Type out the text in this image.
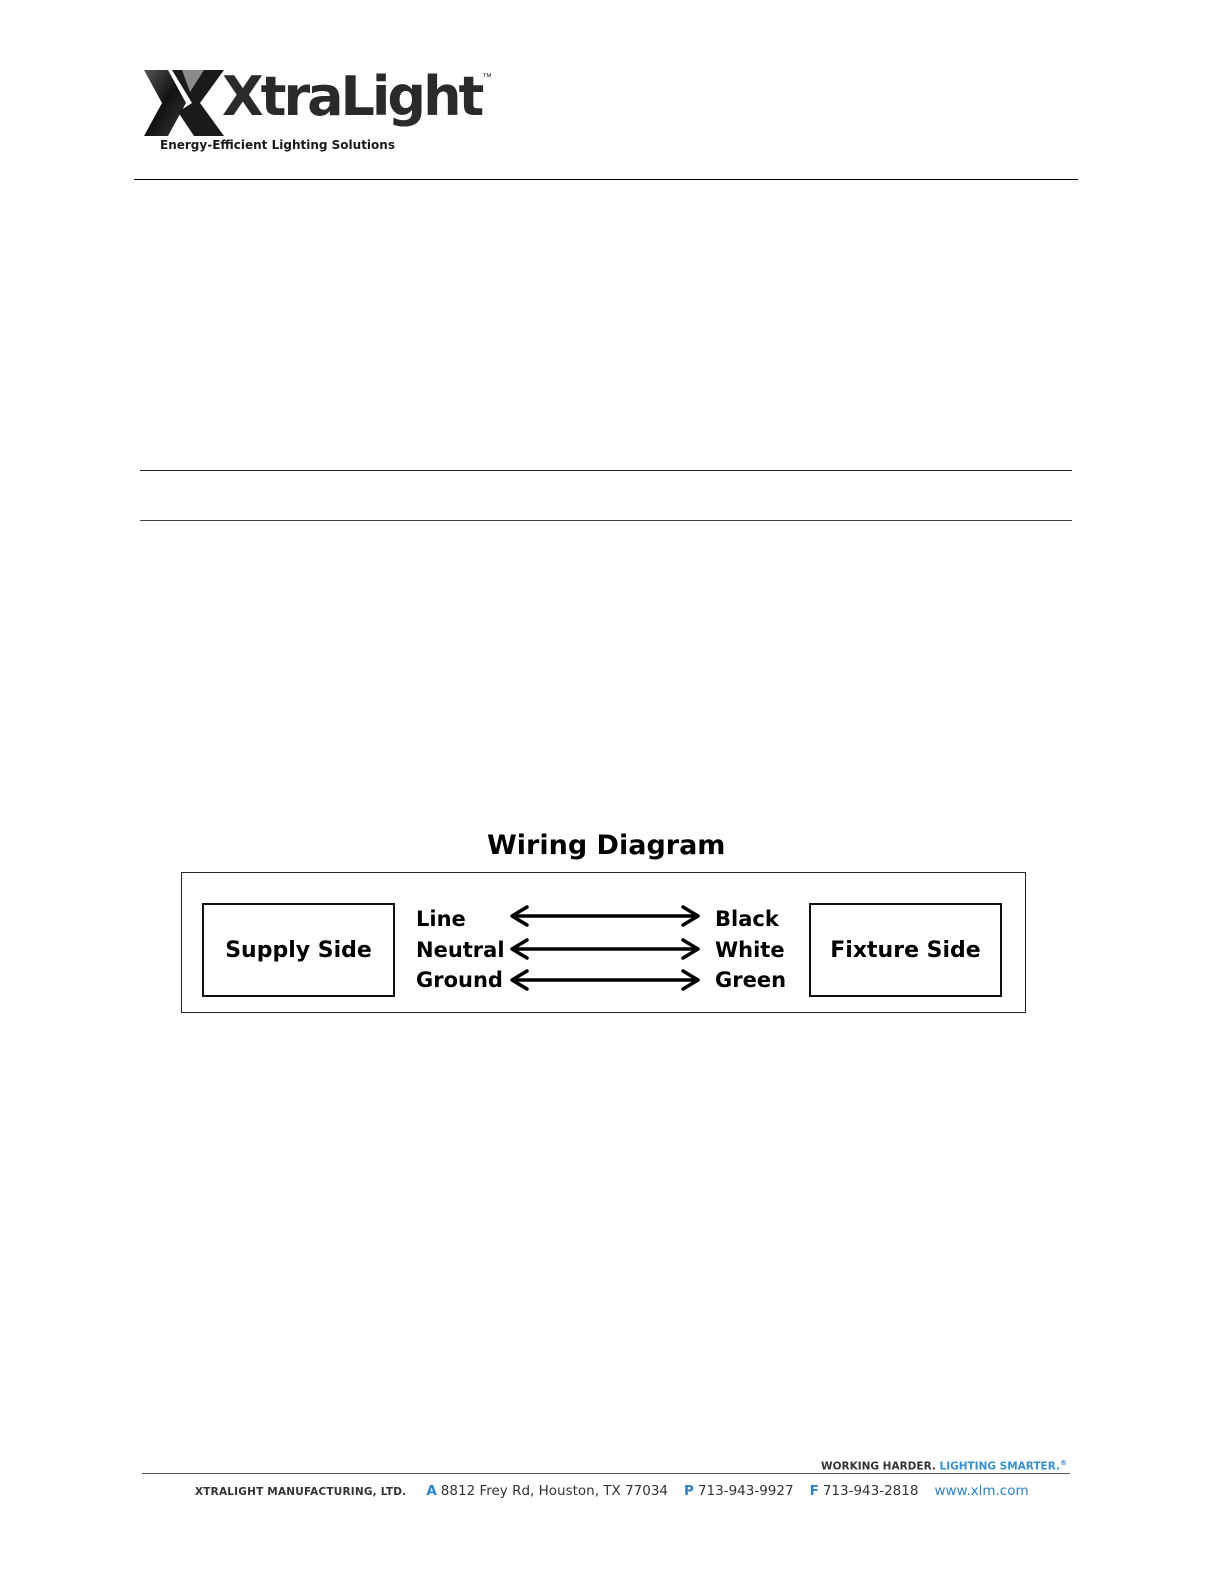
XtraLight ™
Energy-Efficient Lighting Solutions
Wiring Diagram
Supply Side	Fixture Side
Line
Neutral
Ground
Black
White
Green
WORKING HARDER. LIGHTING SMARTER.®
XTRALIGHT MANUFACTURING, LTD. A 8812 Frey Rd, Houston, TX 77034 P 713-943-9927 F 713-943-2818 www.xlm.com
